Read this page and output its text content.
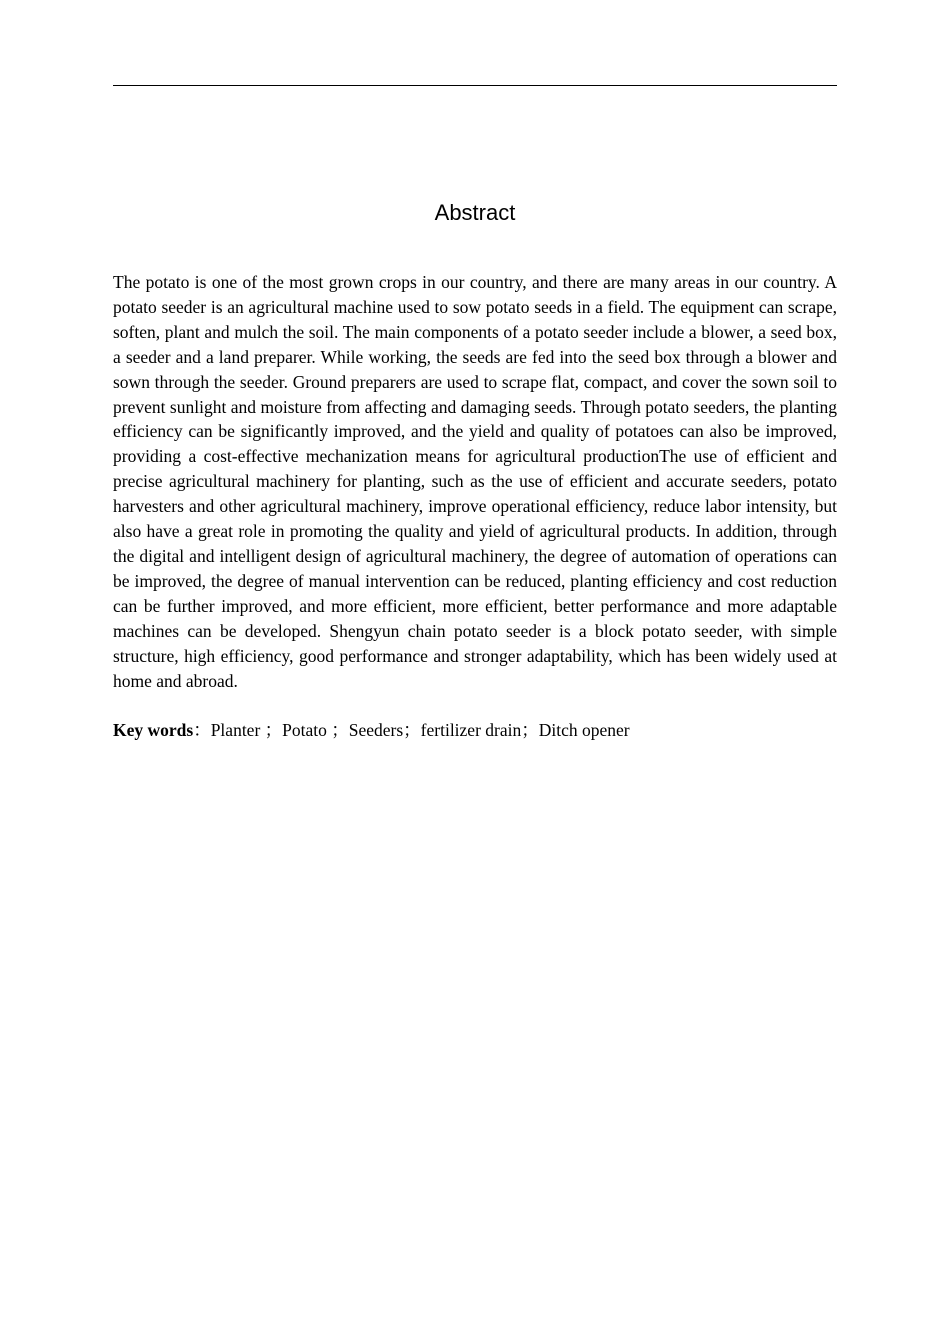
Abstract

The potato is one of the most grown crops in our country, and there are many areas in our country. A potato seeder is an agricultural machine used to sow potato seeds in a field. The equipment can scrape, soften, plant and mulch the soil. The main components of a potato seeder include a blower, a seed box, a seeder and a land preparer. While working, the seeds are fed into the seed box through a blower and sown through the seeder. Ground preparers are used to scrape flat, compact, and cover the sown soil to prevent sunlight and moisture from affecting and damaging seeds. Through potato seeders, the planting efficiency can be significantly improved, and the yield and quality of potatoes can also be improved, providing a cost-effective mechanization means for agricultural productionThe use of efficient and precise agricultural machinery for planting, such as the use of efficient and accurate seeders, potato harvesters and other agricultural machinery, improve operational efficiency, reduce labor intensity, but also have a great role in promoting the quality and yield of agricultural products. In addition, through the digital and intelligent design of agricultural machinery, the degree of automation of operations can be improved, the degree of manual intervention can be reduced, planting efficiency and cost reduction can be further improved, and more efficient, more efficient, better performance and more adaptable machines can be developed. Shengyun chain potato seeder is a block potato seeder, with simple structure, high efficiency, good performance and stronger adaptability, which has been widely used at home and abroad.

Key words：Planter ；Potato ；Seeders；fertilizer drain；Ditch opener
